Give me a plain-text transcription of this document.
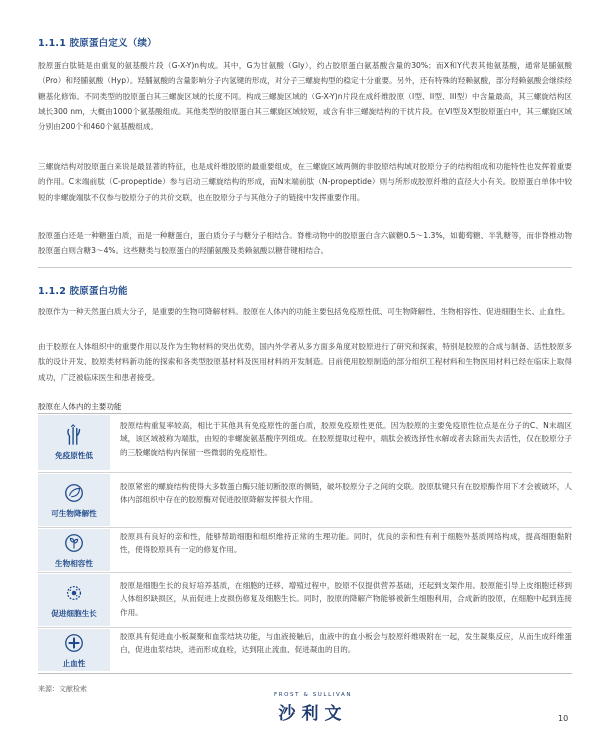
1.1.1 胶原蛋白定义（续）

胶原蛋白肽链是由重复的氨基酸片段（G-X-Y)n构成。其中，G为甘氨酸（Gly），约占胶原蛋白氨基酸含量的30%；而X和Y代表其他氨基酸，通常是脯氨酸（Pro）和羟脯氨酸（Hyp）。羟脯氨酸的含量影响分子内氢键的形成，对分子三螺旋构型的稳定十分重要。另外，还有特殊的羟赖氨酸，部分羟赖氨酸会继续经糖基化修饰。不同类型的胶原蛋白其三螺旋区域的长度不同。构成三螺旋区域的（G-X-Y)n片段在成纤维胶原（I型、II型、III型）中含量最高，其三螺旋结构区域长300 nm，大概由1000个氨基酸组成。其他类型的胶原蛋白其三螺旋区域较短，或含有非三螺旋结构的干扰片段。在VI型及X型胶原蛋白中，其三螺旋区域分别由200个和460个氨基酸组成。

三螺旋结构对胶原蛋白来说是最显著的特征，也是成纤维胶原的最重要组成，在三螺旋区域两侧的非胶原结构域对胶原分子的结构组成和功能特性也发挥着重要的作用。C末端前肽（C-propeptide）参与启动三螺旋结构的形成，而N末端前肽（N-propeptide）则与所形成胶原纤维的直径大小有关。胶原蛋白单体中较短的非螺旋端肽不仅参与胶原分子的共价交联，也在胶原分子与其他分子的链接中发挥重要作用。

胶原蛋白还是一种糖蛋白质，而是一种糖蛋白，蛋白质分子与糖分子相结合。脊椎动物中的胶原蛋白含六碳糖0.5～1.3%，如葡萄糖、半乳糖等，而非脊椎动物胶原蛋白则含糖3～4%。这些糖类与胶原蛋白的羟脯氨酸及类赖氨酸以糖苷键相结合。

1.1.2 胶原蛋白功能

胶原作为一种天然蛋白质大分子，是重要的生物可降解材料。胶原在人体内的功能主要包括免疫原性低、可生物降解性、生物相容性、促进细胞生长、止血性。

由于胶原在人体组织中的重要作用以及作为生物材料的突出优势，国内外学者从多方面多角度对胶原进行了研究和探索，特别是胶原的合成与制备、活性胶原多肽的设计开发、胶原类材料新功能的探索和各类型胶原基材料及医用材料的开发制造。目前使用胶原制造的部分组织工程材料和生物医用材料已经在临床上取得成功，广泛被临床医生和患者接受。

胶原在人体内的主要功能
免疫原性低
胶原结构重复率较高，相比于其他具有免疫原性的蛋白质，胶原免疫原性更低。因为胶原的主要免疫原性位点是在分子的C、N末端区域，该区域被称为端肽，由短的非螺旋氨基酸序列组成。在胶原提取过程中，端肽会被选择性水解或者去除而失去活性，仅在胶原分子的三股螺旋结构内保留一些微弱的免疫原性。
可生物降解性
胶原紧密的螺旋结构使得大多数蛋白酶只能切断胶原的侧链，破坏胶原分子之间的交联。胶原肽键只有在胶原酶作用下才会被破坏，人体内部组织中存在的胶原酶对促进胶原降解发挥很大作用。
生物相容性
胶原具有良好的亲和性，能够帮助细胞和组织维持正常的生理功能。同时，优良的亲和性有利于细胞外基质网络构成，提高细胞黏附性，使得胶原具有一定的修复作用。
促进细胞生长
胶原是细胞生长的良好培养基质，在细胞的迁移、增殖过程中，胶原不仅提供营养基础，还起到支架作用。胶原能引导上皮细胞迁移到人体组织缺损区，从而促进上皮损伤修复及细胞生长。同时，胶原的降解产物能够被新生细胞利用，合成新的胶原，在细胞中起到连接作用。
止血性
胶原具有促进血小板凝聚和血浆结块功能，与血液接触后，血液中的血小板会与胶原纤维吸附在一起，发生凝集反应，从而生成纤维蛋白，促进血浆结块，进而形成血栓，达到阻止流血、促进凝血的目的。
来源：文献检索
FROST & SULLIVAN
沙利文	10
